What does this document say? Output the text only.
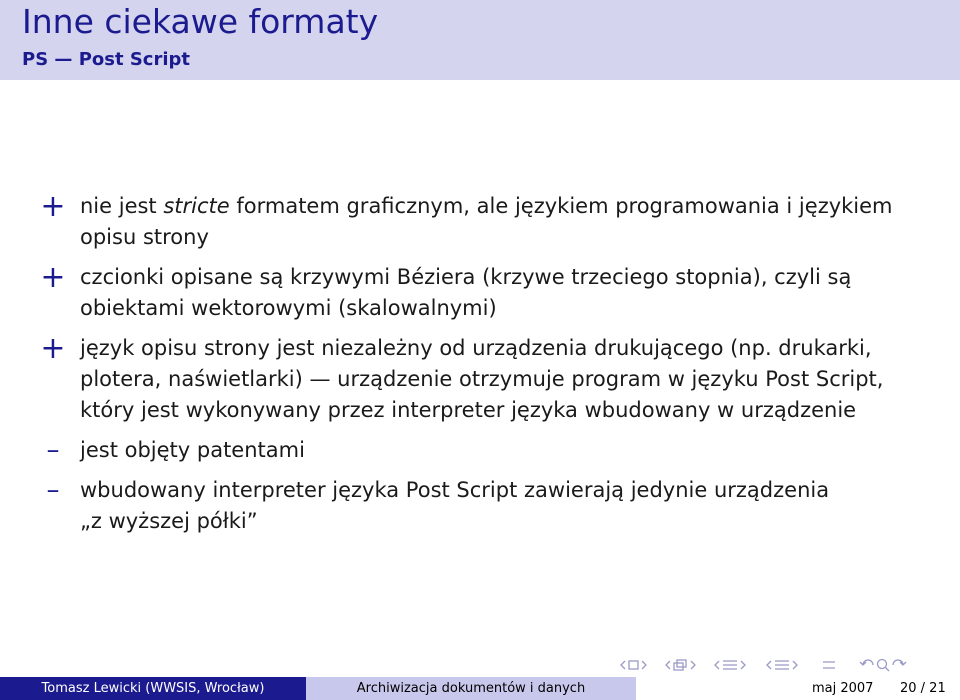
Inne ciekawe formaty
PS — Post Script
+ nie jest stricte formatem graficznym, ale językiem programowania i językiem
opisu strony
+ czcionki opisane są krzywymi Béziera (krzywe trzeciego stopnia), czyli są
obiektami wektorowymi (skalowalnymi)
+ język opisu strony jest niezależny od urządzenia drukującego (np. drukarki,
plotera, naświetlarki) — urządzenie otrzymuje program w języku Post Script,
który jest wykonywany przez interpreter języka wbudowany w urządzenie
– jest objęty patentami
– wbudowany interpreter języka Post Script zawierają jedynie urządzenia
„z wyższej półki”
Tomasz Lewicki (WWSIS, Wrocław)	Archiwizacja dokumentów i danych	maj 2007 20 / 21
